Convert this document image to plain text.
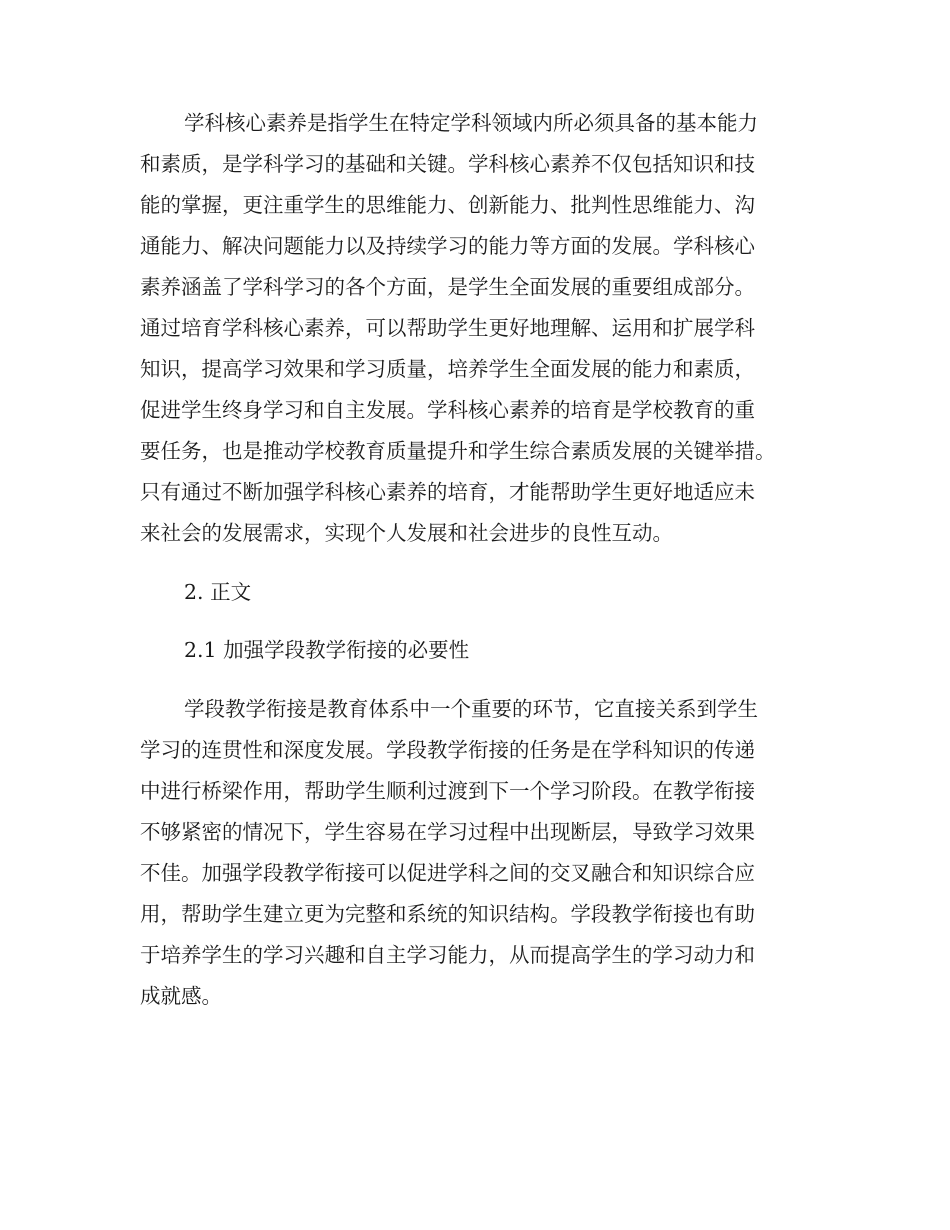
学科核心素养是指学生在特定学科领域内所必须具备的基本能力

和素质，是学科学习的基础和关键。学科核心素养不仅包括知识和技

能的掌握，更注重学生的思维能力、创新能力、批判性思维能力、沟

通能力、解决问题能力以及持续学习的能力等方面的发展。学科核心

素养涵盖了学科学习的各个方面，是学生全面发展的重要组成部分。

通过培育学科核心素养，可以帮助学生更好地理解、运用和扩展学科

知识，提高学习效果和学习质量，培养学生全面发展的能力和素质，

促进学生终身学习和自主发展。学科核心素养的培育是学校教育的重

要任务，也是推动学校教育质量提升和学生综合素质发展的关键举措。

只有通过不断加强学科核心素养的培育，才能帮助学生更好地适应未

来社会的发展需求，实现个人发展和社会进步的良性互动。

2. 正文

2.1 加强学段教学衔接的必要性

学段教学衔接是教育体系中一个重要的环节，它直接关系到学生

学习的连贯性和深度发展。学段教学衔接的任务是在学科知识的传递

中进行桥梁作用，帮助学生顺利过渡到下一个学习阶段。在教学衔接

不够紧密的情况下，学生容易在学习过程中出现断层，导致学习效果

不佳。加强学段教学衔接可以促进学科之间的交叉融合和知识综合应

用，帮助学生建立更为完整和系统的知识结构。学段教学衔接也有助

于培养学生的学习兴趣和自主学习能力，从而提高学生的学习动力和

成就感。
